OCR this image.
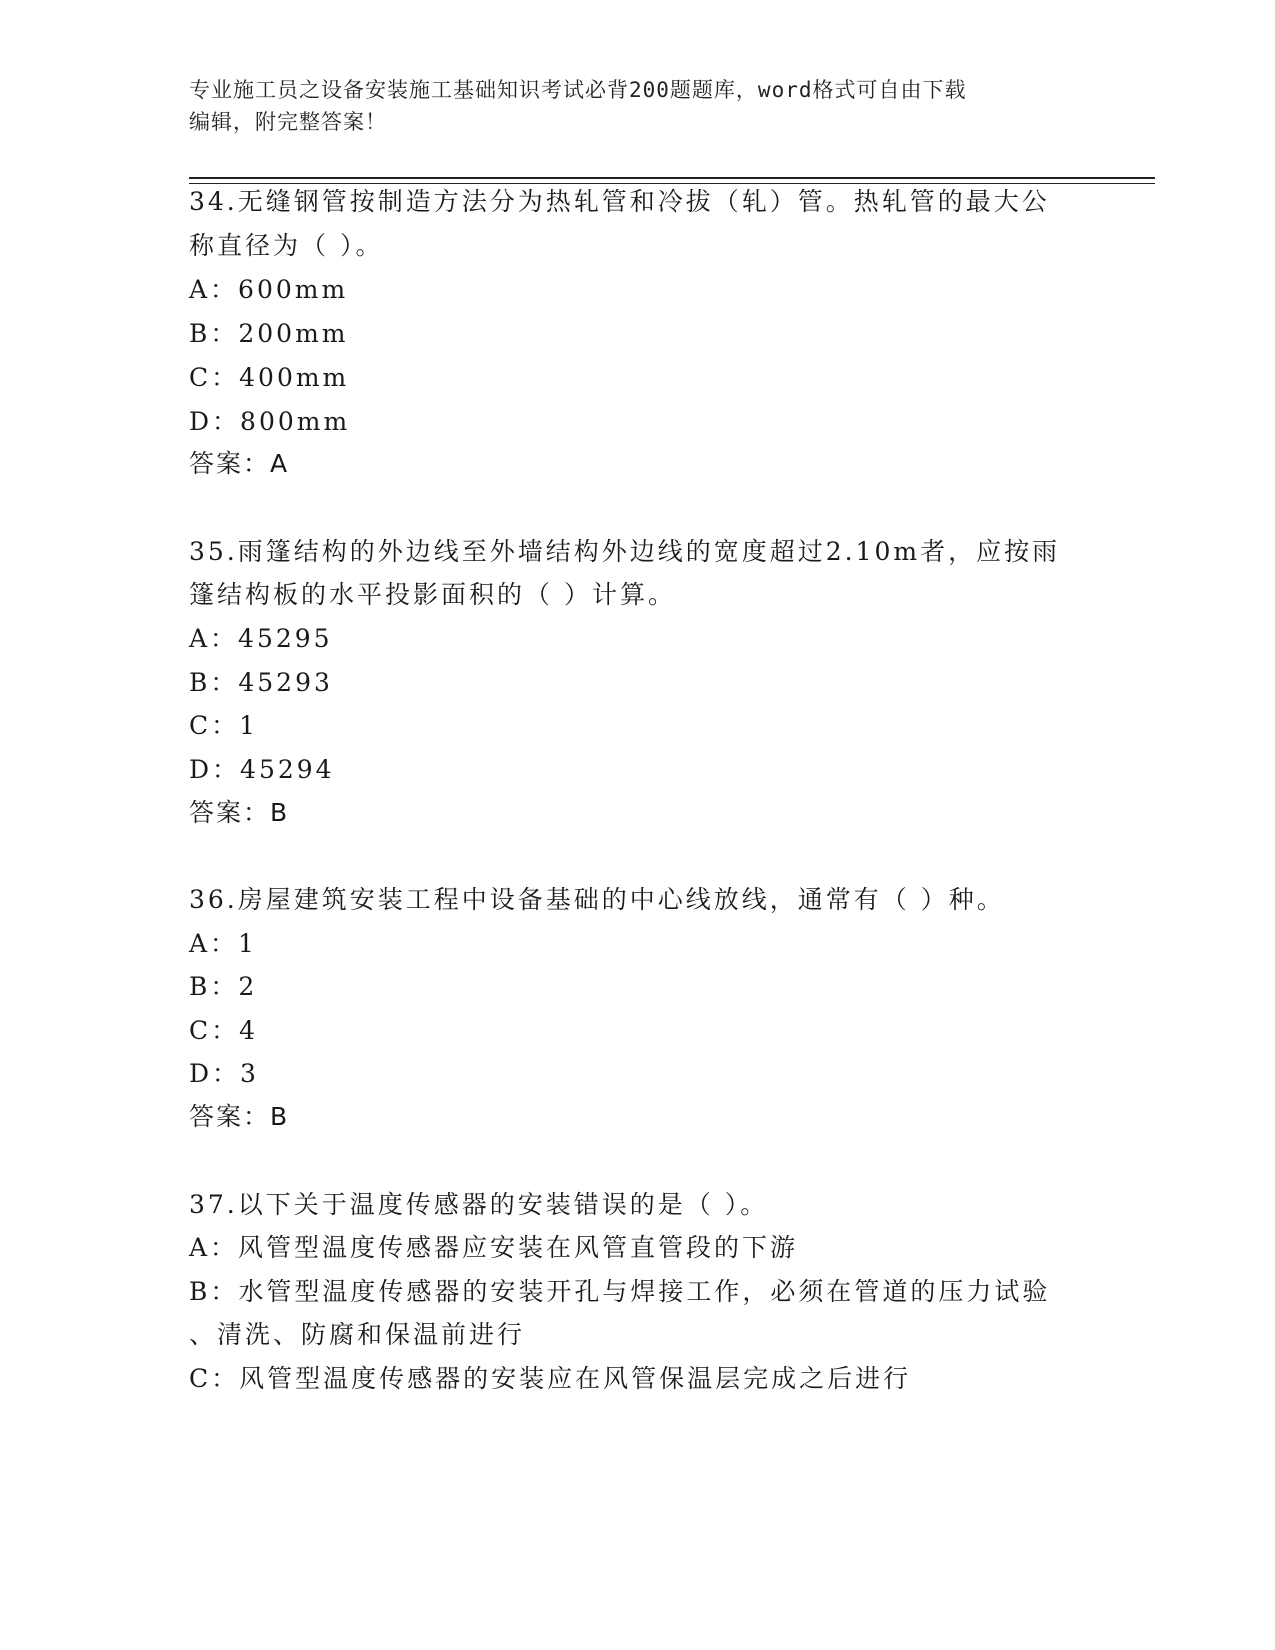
专业施工员之设备安装施工基础知识考试必背200题题库，word格式可自由下载
编辑，附完整答案！
34.无缝钢管按制造方法分为热轧管和冷拔（轧）管。热轧管的最大公
称直径为（ ）。
A：600mm
B：200mm
C：400mm
D：800mm
答案：A
35.雨篷结构的外边线至外墙结构外边线的宽度超过2.10m者，应按雨
篷结构板的水平投影面积的（ ）计算。
A：45295
B：45293
C：1
D：45294
答案：B
36.房屋建筑安装工程中设备基础的中心线放线，通常有（ ）种。
A：1
B：2
C：4
D：3
答案：B
37.以下关于温度传感器的安装错误的是（ ）。
A：风管型温度传感器应安装在风管直管段的下游
B：水管型温度传感器的安装开孔与焊接工作，必须在管道的压力试验
、清洗、防腐和保温前进行
C：风管型温度传感器的安装应在风管保温层完成之后进行
